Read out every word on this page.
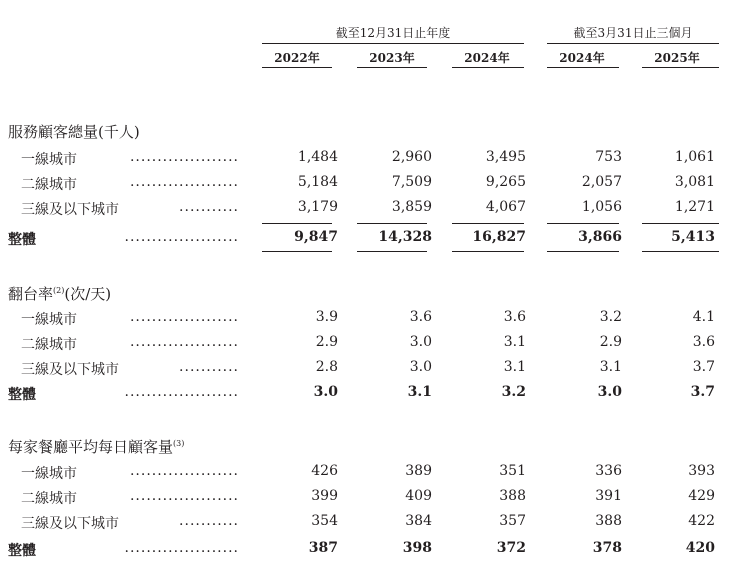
截至12月31日止年度	截至3月31日止三個月
2022年	2023年	2024年	2024年	2025年
服務顧客總量(千人)
一線城市	....................	1,484	2,960	3,495	753	1,061
二線城市	....................	5,184	7,509	9,265	2,057	3,081
三線及以下城市	...........	3,179	3,859	4,067	1,056	1,271
整體	.....................	9,847	14,328	16,827	3,866	5,413
翻台率$^{(2)}$(次/天)
一線城市	....................	3.9	3.6	3.6	3.2	4.1
二線城市	....................	2.9	3.0	3.1	2.9	3.6
三線及以下城市	...........	2.8	3.0	3.1	3.1	3.7
整體	.....................	3.0	3.1	3.2	3.0	3.7
每家餐廳平均每日顧客量$^{(3)}$
一線城市	....................	426	389	351	336	393
二線城市	....................	399	409	388	391	429
三線及以下城市	...........	354	384	357	388	422
整體	.....................	387	398	372	378	420
